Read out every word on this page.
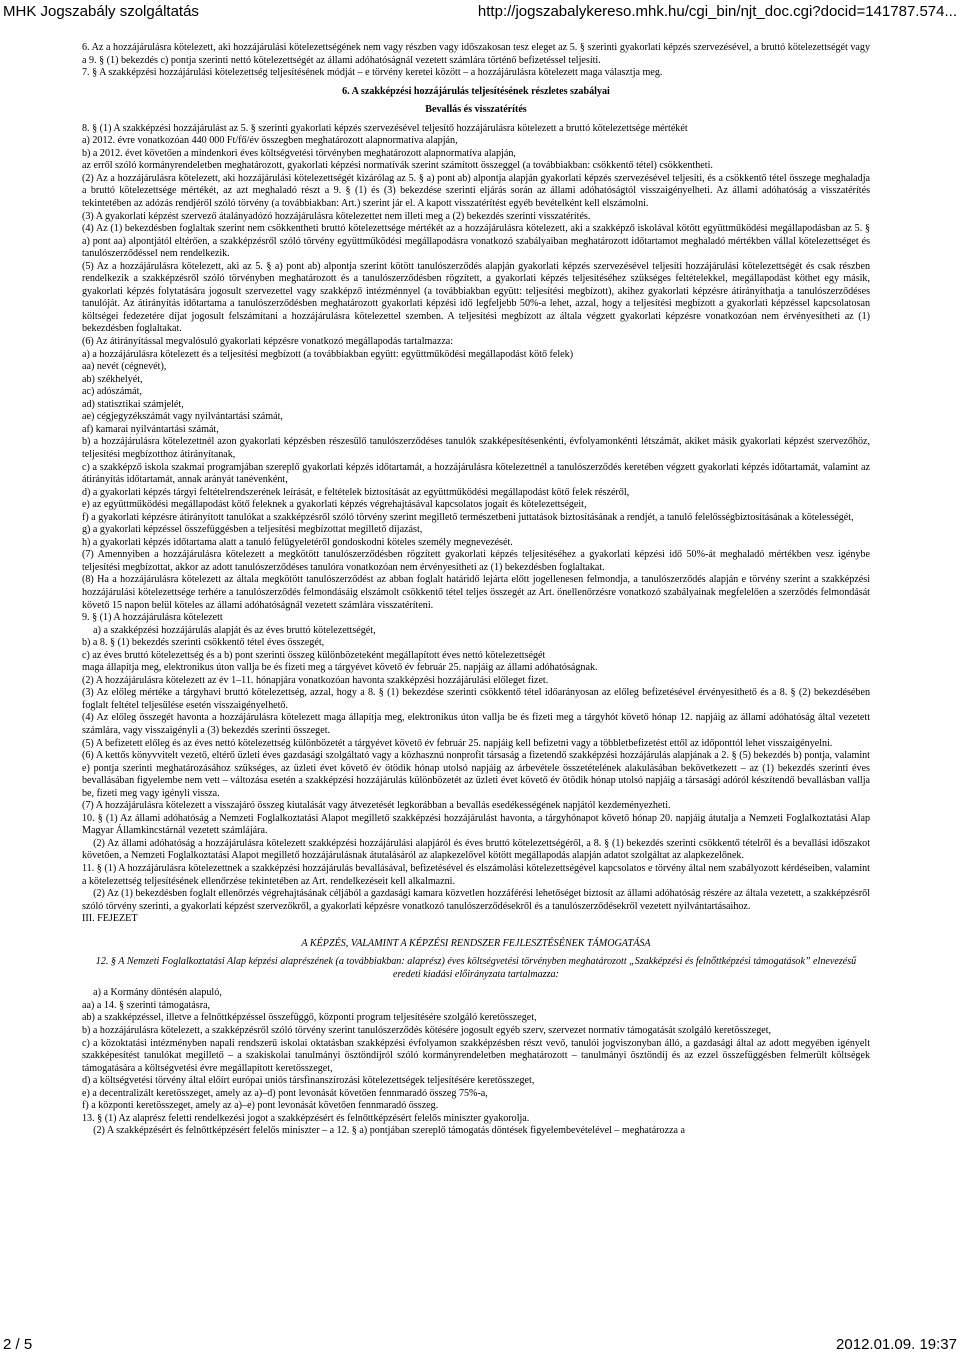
MHK Jogszabály szolgáltatás	http://jogszabalykereso.mhk.hu/cgi_bin/njt_doc.cgi?docid=141787.574...

6. Az a hozzájárulásra kötelezett, aki hozzájárulási kötelezettségének nem vagy részben vagy időszakosan tesz eleget az 5. § szerinti gyakorlati képzés szervezésével, a bruttó kötelezettségét vagy a 9. § (1) bekezdés c) pontja szerinti nettó kötelezettségét az állami adóhatóságnál vezetett számlára történő befizetéssel teljesíti.

7. § A szakképzési hozzájárulási kötelezettség teljesítésének módját – e törvény keretei között – a hozzájárulásra kötelezett maga választja meg.

6. A szakképzési hozzájárulás teljesítésének részletes szabályai

Bevallás és visszatérítés

8. § (1) A szakképzési hozzájárulást az 5. § szerinti gyakorlati képzés szervezésével teljesítő hozzájárulásra kötelezett a bruttó kötelezettsége mértékét

a) 2012. évre vonatkozóan 440 000 Ft/fő/év összegben meghatározott alapnormatíva alapján,

b) a 2012. évet követően a mindenkori éves költségvetési törvényben meghatározott alapnormatíva alapján,

az erről szóló kormányrendeletben meghatározott, gyakorlati képzési normatívák szerint számított összeggel (a továbbiakban: csökkentő tétel) csökkentheti.

(2) Az a hozzájárulásra kötelezett, aki hozzájárulási kötelezettségét kizárólag az 5. § a) pont ab) alpontja alapján gyakorlati képzés szervezésével teljesíti, és a csökkentő tétel összege meghaladja a bruttó kötelezettsége mértékét, az azt meghaladó részt a 9. § (1) és (3) bekezdése szerinti eljárás során az állami adóhatóságtól visszaigényelheti. Az állami adóhatóság a visszatérítés tekintetében az adózás rendjéről szóló törvény (a továbbiakban: Art.) szerint jár el. A kapott visszatérítést egyéb bevételként kell elszámolni.

(3) A gyakorlati képzést szervező átalányadózó hozzájárulásra kötelezettet nem illeti meg a (2) bekezdés szerinti visszatérítés.

(4) Az (1) bekezdésben foglaltak szerint nem csökkentheti bruttó kötelezettsége mértékét az a hozzájárulásra kötelezett, aki a szakképző iskolával kötött együttműködési megállapodásban az 5. § a) pont aa) alpontjától eltérően, a szakképzésről szóló törvény együttműködési megállapodásra vonatkozó szabályaiban meghatározott időtartamot meghaladó mértékben vállal kötelezettséget és tanulószerződéssel nem rendelkezik.

(5) Az a hozzájárulásra kötelezett, aki az 5. § a) pont ab) alpontja szerint kötött tanulószerződés alapján gyakorlati képzés szervezésével teljesíti hozzájárulási kötelezettségét és csak részben rendelkezik a szakképzésről szóló törvényben meghatározott és a tanulószerződésben rögzített, a gyakorlati képzés teljesítéséhez szükséges feltételekkel, megállapodást köthet egy másik, gyakorlati képzés folytatására jogosult szervezettel vagy szakképző intézménnyel (a továbbiakban együtt: teljesítési megbízott), akihez gyakorlati képzésre átirányíthatja a tanulószerződéses tanulóját. Az átirányítás időtartama a tanulószerződésben meghatározott gyakorlati képzési idő legfeljebb 50%-a lehet, azzal, hogy a teljesítési megbízott a gyakorlati képzéssel kapcsolatosan költségei fedezetére díjat jogosult felszámítani a hozzájárulásra kötelezettel szemben. A teljesítési megbízott az általa végzett gyakorlati képzésre vonatkozóan nem érvényesítheti az (1) bekezdésben foglaltakat.

(6) Az átirányítással megvalósuló gyakorlati képzésre vonatkozó megállapodás tartalmazza:

a) a hozzájárulásra kötelezett és a teljesítési megbízott (a továbbiakban együtt: együttműködési megállapodást kötő felek)

aa) nevét (cégnevét),

ab) székhelyét,

ac) adószámát,

ad) statisztikai számjelét,

ae) cégjegyzékszámát vagy nyilvántartási számát,

af) kamarai nyilvántartási számát,

b) a hozzájárulásra kötelezettnél azon gyakorlati képzésben részesülő tanulószerződéses tanulók szakképesítésenkénti, évfolyamonkénti létszámát, akiket másik gyakorlati képzést szervezőhöz, teljesítési megbízotthoz átirányítanak,

c) a szakképző iskola szakmai programjában szereplő gyakorlati képzés időtartamát, a hozzájárulásra kötelezettnél a tanulószerződés keretében végzett gyakorlati képzés időtartamát, valamint az átirányítás időtartamát, annak arányát tanévenként,

d) a gyakorlati képzés tárgyi feltételrendszerének leírását, e feltételek biztosítását az együttműködési megállapodást kötő felek részéről,

e) az együttműködési megállapodást kötő feleknek a gyakorlati képzés végrehajtásával kapcsolatos jogait és kötelezettségeit,

f) a gyakorlati képzésre átirányított tanulókat a szakképzésről szóló törvény szerint megillető természetbeni juttatások biztosításának a rendjét, a tanuló felelősségbiztosításának a kötelességét,

g) a gyakorlati képzéssel összefüggésben a teljesítési megbízottat megillető díjazást,

h) a gyakorlati képzés időtartama alatt a tanuló felügyeletéről gondoskodni köteles személy megnevezését.

(7) Amennyiben a hozzájárulásra kötelezett a megkötött tanulószerződésben rögzített gyakorlati képzés teljesítéséhez a gyakorlati képzési idő 50%-át meghaladó mértékben vesz igénybe teljesítési megbízottat, akkor az adott tanulószerződéses tanulóra vonatkozóan nem érvényesítheti az (1) bekezdésben foglaltakat.

(8) Ha a hozzájárulásra kötelezett az általa megkötött tanulószerződést az abban foglalt határidő lejárta előtt jogellenesen felmondja, a tanulószerződés alapján e törvény szerint a szakképzési hozzájárulási kötelezettsége terhére a tanulószerződés felmondásáig elszámolt csökkentő tétel teljes összegét az Art. önellenőrzésre vonatkozó szabályainak megfelelően a szerződés felmondását követő 15 napon belül köteles az állami adóhatóságnál vezetett számlára visszatéríteni.

9. § (1) A hozzájárulásra kötelezett

a) a szakképzési hozzájárulás alapját és az éves bruttó kötelezettségét,

b) a 8. § (1) bekezdés szerinti csökkentő tétel éves összegét,

c) az éves bruttó kötelezettség és a b) pont szerinti összeg különbözeteként megállapított éves nettó kötelezettségét

maga állapítja meg, elektronikus úton vallja be és fizeti meg a tárgyévet követő év február 25. napjáig az állami adóhatóságnak.

(2) A hozzájárulásra kötelezett az év 1–11. hónapjára vonatkozóan havonta szakképzési hozzájárulási előleget fizet.

(3) Az előleg mértéke a tárgyhavi bruttó kötelezettség, azzal, hogy a 8. § (1) bekezdése szerinti csökkentő tétel időarányosan az előleg befizetésével érvényesíthető és a 8. § (2) bekezdésében foglalt feltétel teljesülése esetén visszaigényelhető.

(4) Az előleg összegét havonta a hozzájárulásra kötelezett maga állapítja meg, elektronikus úton vallja be és fizeti meg a tárgyhót követő hónap 12. napjáig az állami adóhatóság által vezetett számlára, vagy visszaigényli a (3) bekezdés szerinti összeget.

(5) A befizetett előleg és az éves nettó kötelezettség különbözetét a tárgyévet követő év február 25. napjáig kell befizetni vagy a többletbefizetést ettől az időponttól lehet visszaigényelni.

(6) A kettős könyvvitelt vezető, eltérő üzleti éves gazdasági szolgáltató vagy a közhasznú nonprofit társaság a fizetendő szakképzési hozzájárulás alapjának a 2. § (5) bekezdés b) pontja, valamint e) pontja szerinti meghatározásához szükséges, az üzleti évet követő év ötödik hónap utolsó napjáig az árbevétele összetételének alakulásában bekövetkezett – az (1) bekezdés szerinti éves bevallásában figyelembe nem vett – változása esetén a szakképzési hozzájárulás különbözetét az üzleti évet követő év ötödik hónap utolsó napjáig a társasági adóról készítendő bevallásban vallja be, fizeti meg vagy igényli vissza.

(7) A hozzájárulásra kötelezett a visszajáró összeg kiutalását vagy átvezetését legkorábban a bevallás esedékességének napjától kezdeményezheti.

10. § (1) Az állami adóhatóság a Nemzeti Foglalkoztatási Alapot megillető szakképzési hozzájárulást havonta, a tárgyhónapot követő hónap 20. napjáig átutalja a Nemzeti Foglalkoztatási Alap Magyar Államkincstárnál vezetett számlájára.

(2) Az állami adóhatóság a hozzájárulásra kötelezett szakképzési hozzájárulási alapjáról és éves bruttó kötelezettségéről, a 8. § (1) bekezdés szerinti csökkentő tételről és a bevallási időszakot követően, a Nemzeti Foglalkoztatási Alapot megillető hozzájárulásnak átutalásáról az alapkezelővel kötött megállapodás alapján adatot szolgáltat az alapkezelőnek.

11. § (1) A hozzájárulásra kötelezettnek a szakképzési hozzájárulás bevallásával, befizetésével és elszámolási kötelezettségével kapcsolatos e törvény által nem szabályozott kérdéseiben, valamint a kötelezettség teljesítésének ellenőrzése tekintetében az Art. rendelkezéseit kell alkalmazni.

(2) Az (1) bekezdésben foglalt ellenőrzés végrehajtásának céljából a gazdasági kamara közvetlen hozzáférési lehetőséget biztosít az állami adóhatóság részére az általa vezetett, a szakképzésről szóló törvény szerinti, a gyakorlati képzést szervezőkről, a gyakorlati képzésre vonatkozó tanulószerződésekről és a tanulószerződésekről vezetett nyilvántartásaihoz.

III. FEJEZET

A KÉPZÉS, VALAMINT A KÉPZÉSI RENDSZER FEJLESZTÉSÉNEK TÁMOGATÁSA

12. § A Nemzeti Foglalkoztatási Alap képzési alaprészének (a továbbiakban: alaprész) éves költségvetési törvényben meghatározott „Szakképzési és felnőttképzési támogatások” elnevezésű eredeti kiadási előirányzata tartalmazza:

a) a Kormány döntésén alapuló,

aa) a 14. § szerinti támogatásra,

ab) a szakképzéssel, illetve a felnőttképzéssel összefüggő, központi program teljesítésére szolgáló keretösszeget,

b) a hozzájárulásra kötelezett, a szakképzésről szóló törvény szerint tanulószerződés kötésére jogosult egyéb szerv, szervezet normatív támogatását szolgáló keretösszeget,

c) a közoktatási intézményben napali rendszerű iskolai oktatásban szakképzési évfolyamon szakképzésben részt vevő, tanulói jogviszonyban álló, a gazdasági által az adott megyében igényelt szakképesítést tanulókat megillető – a szakiskolai tanulmányi ösztöndíjról szóló kormányrendeletben meghatározott – tanulmányi ösztöndíj és az ezzel összefüggésben felmerült költségek támogatására a költségvetési évre megállapított keretösszeget,

d) a költségvetési törvény által előírt európai uniós társfinanszírozási kötelezettségek teljesítésére keretösszeget,

e) a decentralizált keretösszeget, amely az a)–d) pont levonását követően fennmaradó összeg 75%-a,

f) a központi keretösszeget, amely az a)–e) pont levonását követően fennmaradó összeg.

13. § (1) Az alaprész feletti rendelkezési jogot a szakképzésért és felnőttképzésért felelős miniszter gyakorolja.

(2) A szakképzésért és felnőttképzésért felelős miniszter – a 12. § a) pontjában szereplő támogatás döntések figyelembevételével – meghatározza a

2 / 5	2012.01.09. 19:37
